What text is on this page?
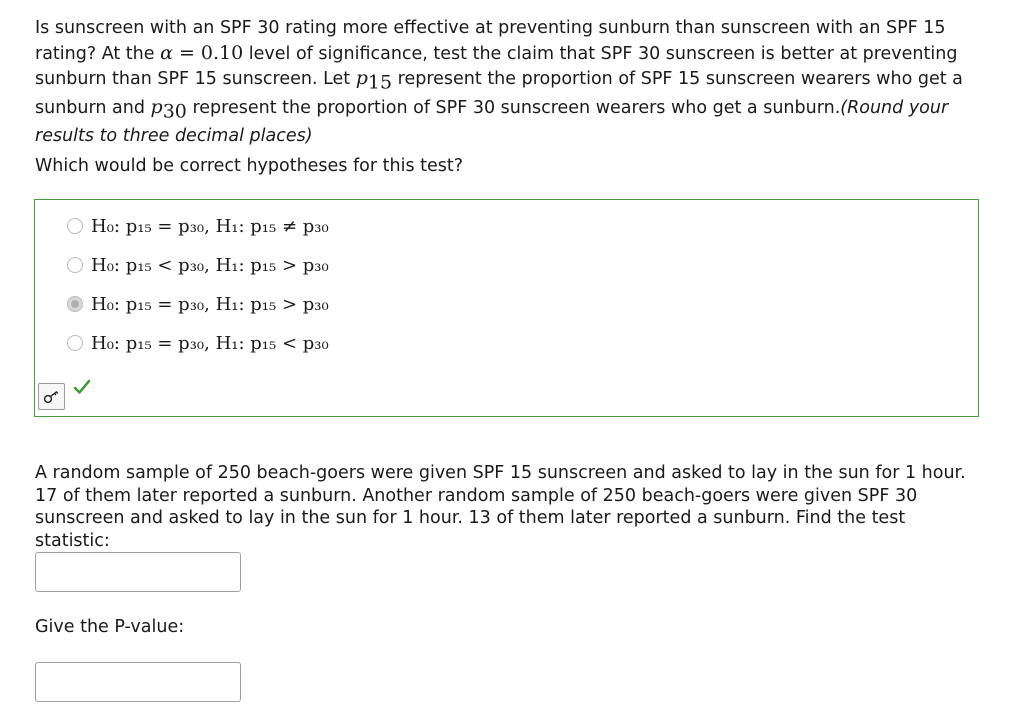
Is sunscreen with an SPF 30 rating more effective at preventing sunburn than sunscreen with an SPF 15 rating? At the α = 0.10 level of significance, test the claim that SPF 30 sunscreen is better at preventing sunburn than SPF 15 sunscreen. Let $p_{15}$ represent the proportion of SPF 15 sunscreen wearers who get a sunburn and $p_{30}$ represent the proportion of SPF 30 sunscreen wearers who get a sunburn.(Round your results to three decimal places)
Which would be correct hypotheses for this test?
H₀: p₁₅ = p₃₀, H₁: p₁₅ ≠ p₃₀
H₀: p₁₅ < p₃₀, H₁: p₁₅ > p₃₀
H₀: p₁₅ = p₃₀, H₁: p₁₅ > p₃₀
H₀: p₁₅ = p₃₀, H₁: p₁₅ < p₃₀
A random sample of 250 beach-goers were given SPF 15 sunscreen and asked to lay in the sun for 1 hour. 17 of them later reported a sunburn. Another random sample of 250 beach-goers were given SPF 30 sunscreen and asked to lay in the sun for 1 hour. 13 of them later reported a sunburn. Find the test statistic:
Give the P-value:
